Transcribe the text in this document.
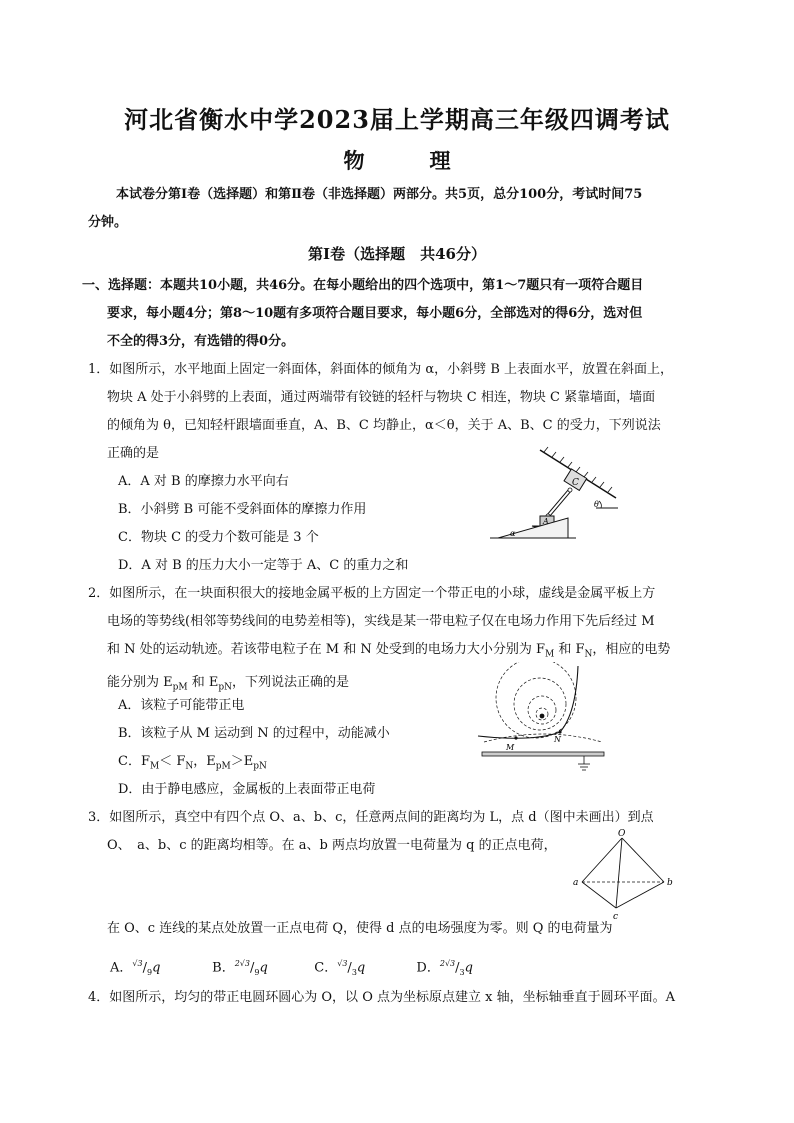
河北省衡水中学2023届上学期高三年级四调考试
物　理
本试卷分第Ⅰ卷（选择题）和第Ⅱ卷（非选择题）两部分。共5页，总分100分，考试时间75
分钟。
第Ⅰ卷（选择题　共46分）
一、选择题：本题共10小题，共46分。在每小题给出的四个选项中，第1～7题只有一项符合题目
要求，每小题4分；第8～10题有多项符合题目要求，每小题6分，全部选对的得6分，选对但
不全的得3分，有选错的得0分。
1．如图所示，水平地面上固定一斜面体，斜面体的倾角为 α，小斜劈 B 上表面水平，放置在斜面上，
物块 A 处于小斜劈的上表面，通过两端带有铰链的轻杆与物块 C 相连，物块 C 紧靠墙面，墙面
的倾角为 θ，已知轻杆跟墙面垂直，A、B、C 均静止，α＜θ，关于 A、B、C 的受力，下列说法
正确的是
A．A 对 B 的摩擦力水平向右
B．小斜劈 B 可能不受斜面体的摩擦力作用
C．物块 C 的受力个数可能是 3 个
D．A 对 B 的压力大小一定等于 A、C 的重力之和
θ
C
A
α
2．如图所示，在一块面积很大的接地金属平板的上方固定一个带正电的小球，虚线是金属平板上方
电场的等势线(相邻等势线间的电势差相等)，实线是某一带电粒子仅在电场力作用下先后经过 M
和 N 处的运动轨迹。若该带电粒子在 M 和 N 处受到的电场力大小分别为 $F_M$ 和 $F_N$，相应的电势
能分别为 $E_{pM}$ 和 $E_{pN}$，下列说法正确的是
A．该粒子可能带正电
B．该粒子从 M 运动到 N 的过程中，动能减小
C．$F_M< F_N$，$E_{pM}>E_{pN}$
D．由于静电感应，金属板的上表面带正电荷
M
N
3．如图所示，真空中有四个点 O、a、b、c，任意两点间的距离均为 L，点 d（图中未画出）到点
O、　a、b、c 的距离均相等。在 a、b 两点均放置一电荷量为 q 的正点电荷，
O
a	b
c
在 O、c 连线的某点处放置一正点电荷 Q，使得 d 点的电场强度为零。则 Q 的电荷量为
A．$^{√3}/_9q$	B．$^{2√3}/_9q$	C．$^{√3}/_3q$	D．$^{2√3}/_3q$
4．如图所示，均匀的带正电圆环圆心为 O，以 O 点为坐标原点建立 x 轴，坐标轴垂直于圆环平面。A
